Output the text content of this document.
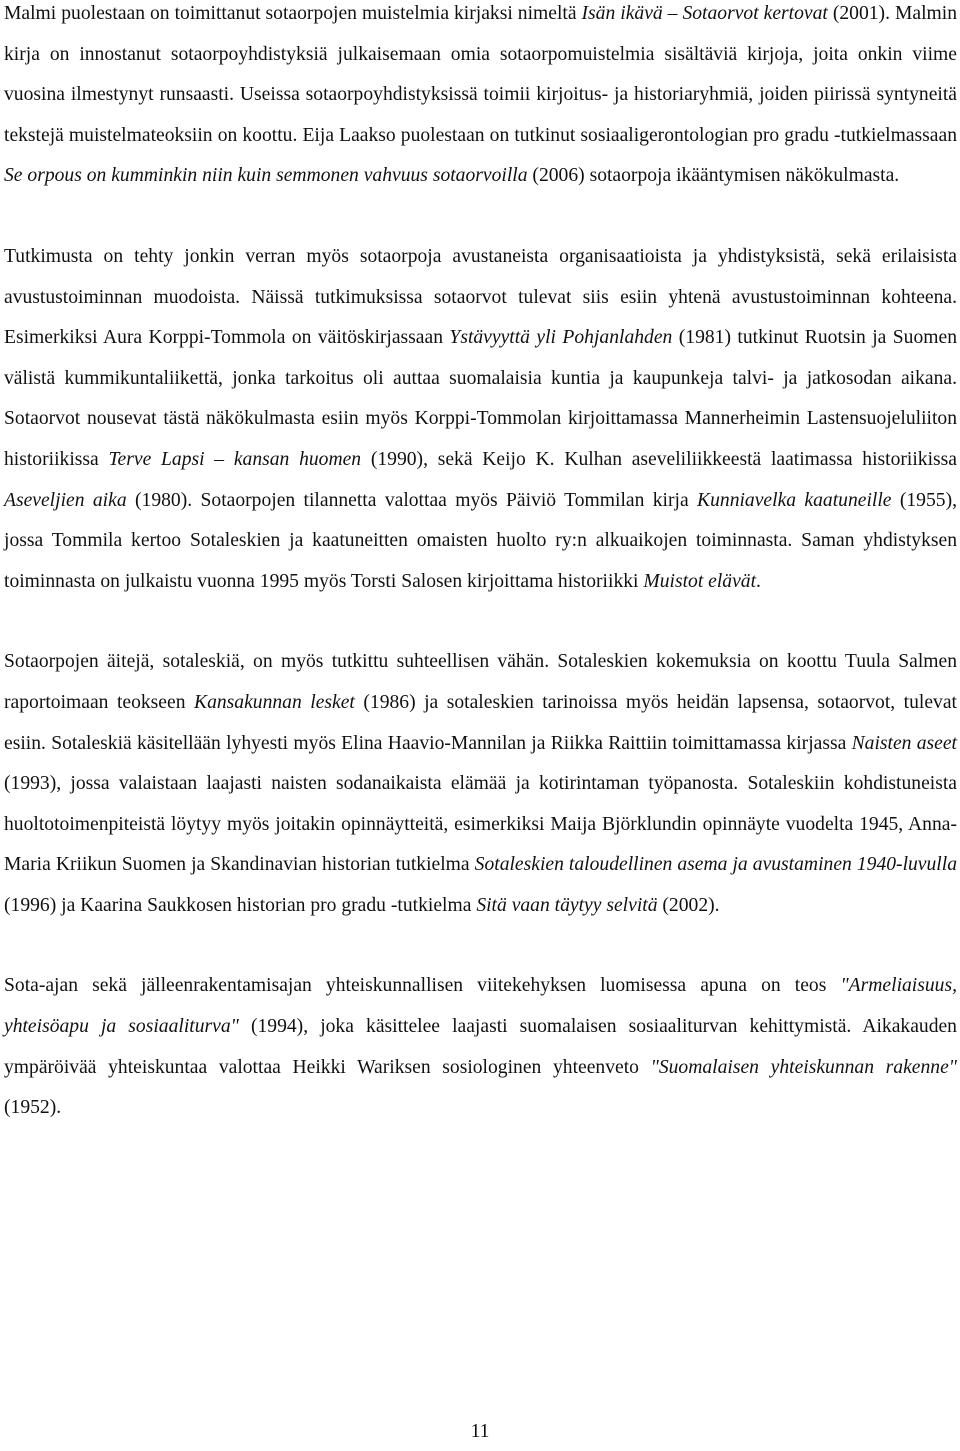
Malmi puolestaan on toimittanut sotaorpojen muistelmia kirjaksi nimeltä Isän ikävä – Sotaorvot kertovat (2001). Malmin kirja on innostanut sotaorpoyhdistyksiä julkaisemaan omia sotaorpomuistelmia sisältäviä kirjoja, joita onkin viime vuosina ilmestynyt runsaasti. Useissa sotaorpoyhdistyksissä toimii kirjoitus- ja historiaryhmiä, joiden piirissä syntyneitä tekstejä muistelmateoksiin on koottu. Eija Laakso puolestaan on tutkinut sosiaaligerontologian pro gradu -tutkielmassaan Se orpous on kumminkin niin kuin semmonen vahvuus sotaorvoilla (2006) sotaorpoja ikääntymisen näkökulmasta.

Tutkimusta on tehty jonkin verran myös sotaorpoja avustaneista organisaatioista ja yhdistyksistä, sekä erilaisista avustustoiminnan muodoista. Näissä tutkimuksissa sotaorvot tulevat siis esiin yhtenä avustustoiminnan kohteena. Esimerkiksi Aura Korppi-Tommola on väitöskirjassaan Ystävyyttä yli Pohjanlahden (1981) tutkinut Ruotsin ja Suomen välistä kummikuntaliikettä, jonka tarkoitus oli auttaa suomalaisia kuntia ja kaupunkeja talvi- ja jatkosodan aikana. Sotaorvot nousevat tästä näkökulmasta esiin myös Korppi-Tommolan kirjoittamassa Mannerheimin Lastensuojeluliiton historiikissa Terve Lapsi – kansan huomen (1990), sekä Keijo K. Kulhan aseveliliikkeestä laatimassa historiikissa Aseveljien aika (1980). Sotaorpojen tilannetta valottaa myös Päiviö Tommilan kirja Kunniavelka kaatuneille (1955), jossa Tommila kertoo Sotaleskien ja kaatuneitten omaisten huolto ry:n alkuaikojen toiminnasta. Saman yhdistyksen toiminnasta on julkaistu vuonna 1995 myös Torsti Salosen kirjoittama historiikki Muistot elävät.

Sotaorpojen äitejä, sotaleskiä, on myös tutkittu suhteellisen vähän. Sotaleskien kokemuksia on koottu Tuula Salmen raportoimaan teokseen Kansakunnan lesket (1986) ja sotaleskien tarinoissa myös heidän lapsensa, sotaorvot, tulevat esiin. Sotaleskiä käsitellään lyhyesti myös Elina Haavio-Mannilan ja Riikka Raittiin toimittamassa kirjassa Naisten aseet (1993), jossa valaistaan laajasti naisten sodanaikaista elämää ja kotirintaman työpanosta. Sotaleskiin kohdistuneista huoltotoimenpiteistä löytyy myös joitakin opinnäytteitä, esimerkiksi Maija Björklundin opinnäyte vuodelta 1945, Anna-Maria Kriikun Suomen ja Skandinavian historian tutkielma Sotaleskien taloudellinen asema ja avustaminen 1940-luvulla (1996) ja Kaarina Saukkosen historian pro gradu -tutkielma Sitä vaan täytyy selvitä (2002).

Sota-ajan sekä jälleenrakentamisajan yhteiskunnallisen viitekehyksen luomisessa apuna on teos "Armeliaisuus, yhteisöapu ja sosiaaliturva" (1994), joka käsittelee laajasti suomalaisen sosiaaliturvan kehittymistä. Aikakauden ympäröivää yhteiskuntaa valottaa Heikki Wariksen sosiologinen yhteenveto "Suomalaisen yhteiskunnan rakenne" (1952).

11
